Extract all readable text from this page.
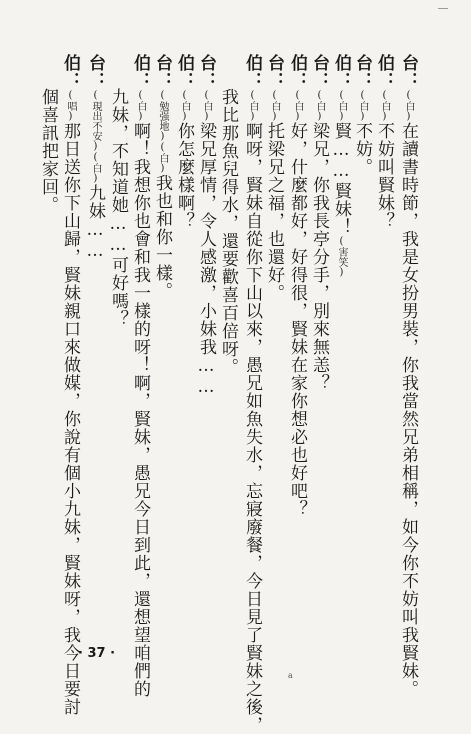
台：(白)在讀書時節，我是女扮男裝，你我當然兄弟相稱，如今你不妨叫我賢妹。
伯：(白)不妨叫賢妹？
台：(白)不妨。
伯：(白)賢……賢妹！(害笑)
台：(白)梁兄，你我長亭分手，別來無恙？
伯：(白)好，什麼都好，好得很，賢妹在家你想必也好吧？
台：(白)托梁兄之福，也還好。
伯：(白)啊呀，賢妹自從你下山以來，愚兄如魚失水，忘寢廢餐，今日見了賢妹之後，
我比那魚兒得水，還要歡喜百倍呀。
台：(白)梁兄厚情，令人感激，小妹我……
伯：(白)你怎麼樣啊？
台：(勉强地)(白)我也和你一樣。
伯：(白)啊！我想你也會和我一樣的呀！啊，賢妹，愚兄今日到此，還想望咱們的
九妹，不知道她……可好嗎？
台：(現出不安)(白)九妹……
伯：(唱)那日送你下山歸，賢妹親口來做媒，你說有個小九妹，賢妹呀，我今日要討
個喜訊把家回。
· 37 ·
a
